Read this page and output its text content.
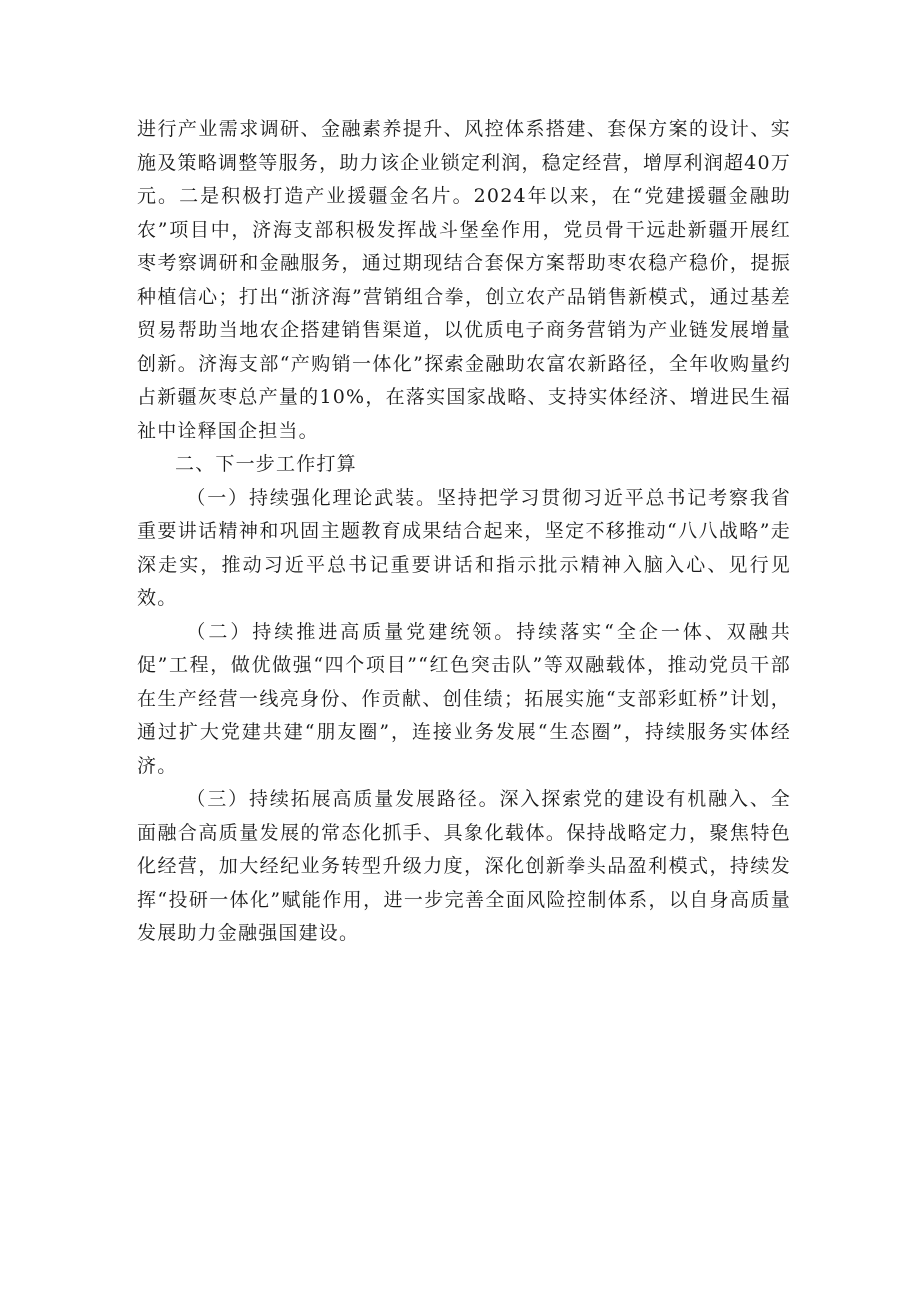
进行产业需求调研、金融素养提升、风控体系搭建、套保方案的设计、实施及策略调整等服务，助力该企业锁定利润，稳定经营，增厚利润超40万元。二是积极打造产业援疆金名片。2024年以来，在“党建援疆金融助农”项目中，济海支部积极发挥战斗堡垒作用，党员骨干远赴新疆开展红枣考察调研和金融服务，通过期现结合套保方案帮助枣农稳产稳价，提振种植信心；打出“浙济海”营销组合拳，创立农产品销售新模式，通过基差贸易帮助当地农企搭建销售渠道，以优质电子商务营销为产业链发展增量创新。济海支部“产购销一体化”探索金融助农富农新路径，全年收购量约占新疆灰枣总产量的10%，在落实国家战略、支持实体经济、增进民生福祉中诠释国企担当。

二、下一步工作打算

（一）持续强化理论武装。坚持把学习贯彻习近平总书记考察我省重要讲话精神和巩固主题教育成果结合起来，坚定不移推动“八八战略”走深走实，推动习近平总书记重要讲话和指示批示精神入脑入心、见行见效。

（二）持续推进高质量党建统领。持续落实“全企一体、双融共促”工程，做优做强“四个项目”“红色突击队”等双融载体，推动党员干部在生产经营一线亮身份、作贡献、创佳绩；拓展实施“支部彩虹桥”计划，通过扩大党建共建“朋友圈”，连接业务发展“生态圈”，持续服务实体经济。

（三）持续拓展高质量发展路径。深入探索党的建设有机融入、全面融合高质量发展的常态化抓手、具象化载体。保持战略定力，聚焦特色化经营，加大经纪业务转型升级力度，深化创新拳头品盈利模式，持续发挥“投研一体化”赋能作用，进一步完善全面风险控制体系，以自身高质量发展助力金融强国建设。
